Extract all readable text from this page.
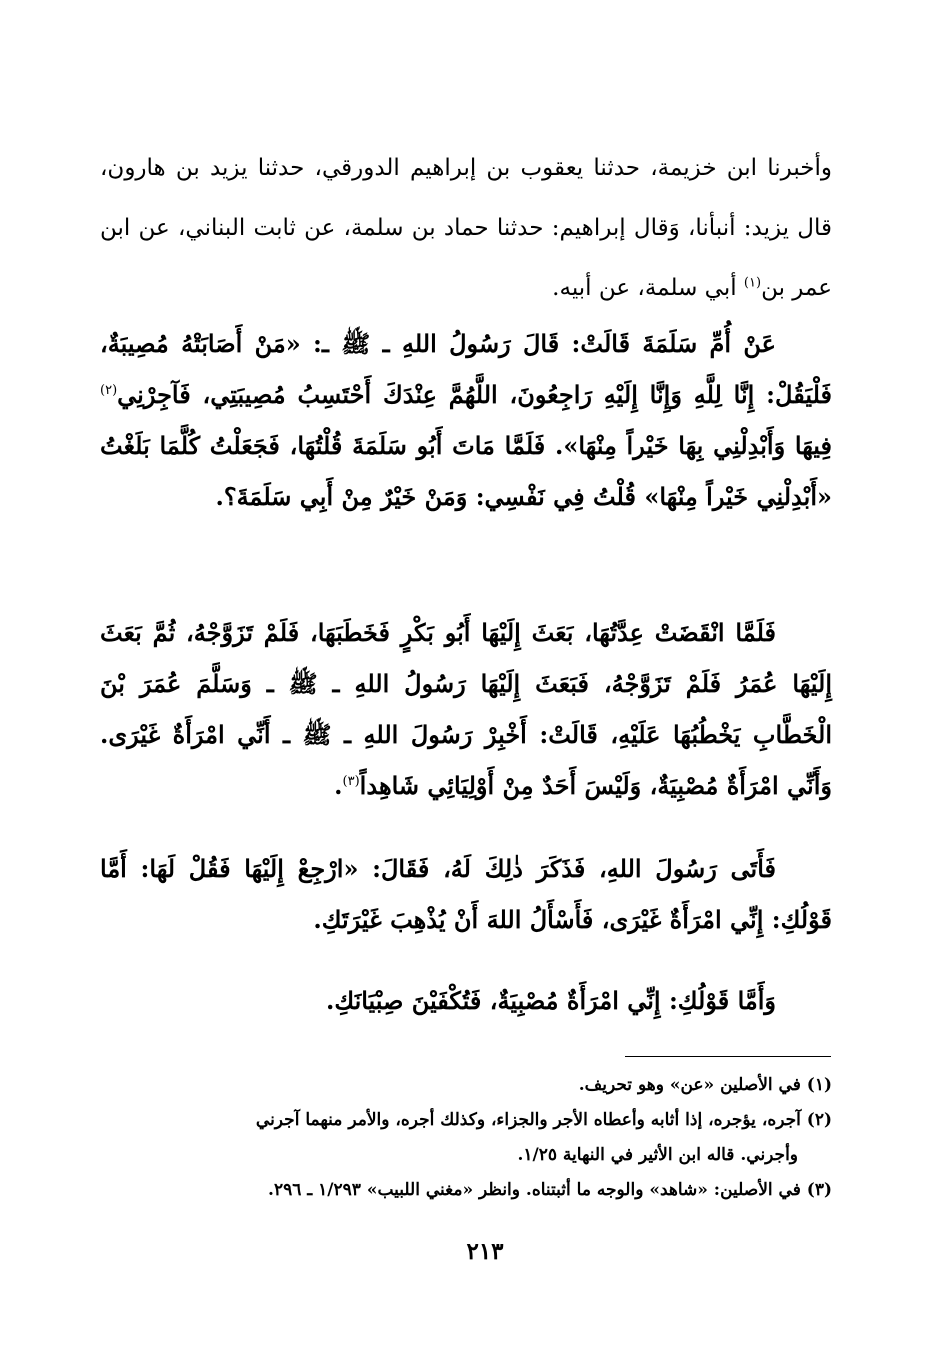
وأخبرنا ابن خزيمة، حدثنا يعقوب بن إبراهيم الدورقي، حدثنا يزيد بن هارون، قال يزيد: أنبأنا، وَقال إبراهيم: حدثنا حماد بن سلمة، عن ثابت البناني، عن ابن عمر بن$^{(١)}$ أبي سلمة، عن أبيه.

عَنْ أُمِّ سَلَمَةَ قَالَتْ: قَالَ رَسُولُ اللهِ ـ ﷺ ـ: «مَنْ أَصَابَتْهُ مُصِيبَةٌ، فَلْيَقُلْ: إِنَّا لِلَّهِ وَإِنَّا إِلَيْهِ رَاجِعُونَ، اللَّهُمَّ عِنْدَكَ أَحْتَسِبُ مُصِيبَتِي، فَآجِرْنِي$^{(٢)}$ فِيهَا وَأَبْدِلْنِي بِهَا خَيْراً مِنْهَا». فَلَمَّا مَاتَ أَبُو سَلَمَةَ قُلْتُهَا، فَجَعَلْتُ كُلَّمَا بَلَغْتُ «أَبْدِلْنِي خَيْراً مِنْهَا» قُلْتُ فِي نَفْسِي: وَمَنْ خَيْرٌ مِنْ أَبِي سَلَمَةَ؟.

فَلَمَّا انْقَضَتْ عِدَّتُهَا، بَعَثَ إِلَيْهَا أَبُو بَكْرٍ فَخَطَبَهَا، فَلَمْ تَزَوَّجْهُ، ثُمَّ بَعَثَ إِلَيْهَا عُمَرُ فَلَمْ تَزَوَّجْهُ، فَبَعَثَ إِلَيْهَا رَسُولُ اللهِ ـ ﷺ ـ وَسَلَّمَ عُمَرَ بْنَ الْخَطَّابِ يَخْطُبُهَا عَلَيْهِ، قَالَتْ: أَخْبِرْ رَسُولَ اللهِ ـ ﷺ ـ أَنِّي امْرَأَةٌ غَيْرَى. وَأَنِّي امْرَأَةٌ مُصْبِيَةٌ، وَلَيْسَ أَحَدٌ مِنْ أَوْلِيَائِي شَاهِداً$^{(٣)}$.

فَأَتَى رَسُولَ اللهِ، فَذَكَرَ ذٰلِكَ لَهُ، فَقَالَ: «ارْجِعْ إِلَيْهَا فَقُلْ لَهَا: أَمَّا قَوْلُكِ: إِنِّي امْرَأَةٌ غَيْرَى، فَأَسْأَلُ اللهَ أَنْ يُذْهِبَ غَيْرَتَكِ.

وَأَمَّا قَوْلُكِ: إِنِّي امْرَأَةٌ مُصْبِيَةٌ، فَتُكْفَيْنَ صِبْيَانَكِ.

(١) في الأصلين «عن» وهو تحريف.

(٢) آجره، يؤجره، إذا أثابه وأعطاه الأجر والجزاء، وكذلك أجره، والأمر منهما آجرني

وأجرني. قاله ابن الأثير في النهاية ١/٢٥.

(٣) في الأصلين: «شاهد» والوجه ما أثبتناه. وانظر «مغني اللبيب» ١/٢٩٣ ـ ٢٩٦.

٢١٣
